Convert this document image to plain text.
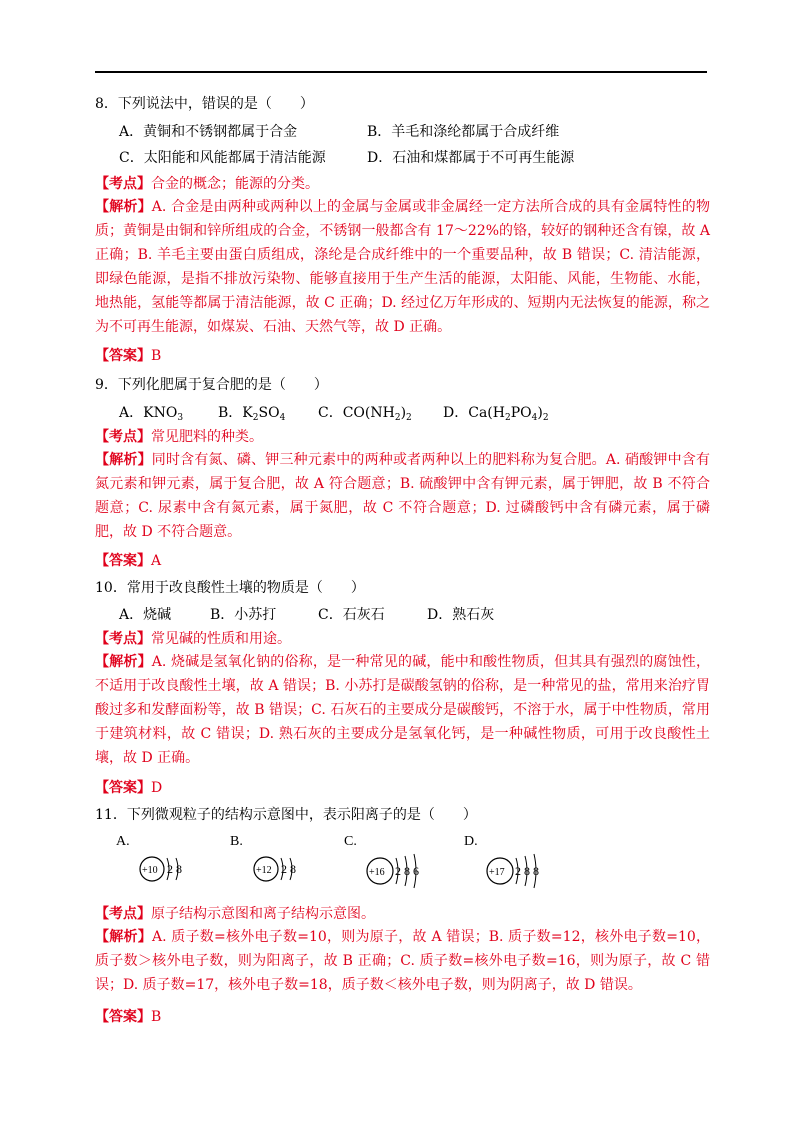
8．下列说法中，错误的是（　　）
A．黄铜和不锈钢都属于合金	B．羊毛和涤纶都属于合成纤维
C．太阳能和风能都属于清洁能源	D．石油和煤都属于不可再生能源
【考点】合金的概念；能源的分类。
【解析】A. 合金是由两种或两种以上的金属与金属或非金属经一定方法所合成的具有金属特性的物质；黄铜是由铜和锌所组成的合金，不锈钢一般都含有 17～22%的铬，较好的钢种还含有镍，故 A 正确；B. 羊毛主要由蛋白质组成，涤纶是合成纤维中的一个重要品种，故 B 错误；C. 清洁能源，即绿色能源，是指不排放污染物、能够直接用于生产生活的能源，太阳能、风能，生物能、水能，地热能，氢能等都属于清洁能源，故 C 正确；D. 经过亿万年形成的、短期内无法恢复的能源，称之为不可再生能源，如煤炭、石油、天然气等，故 D 正确。
【答案】B
9．下列化肥属于复合肥的是（　　）
A．$KNO_3$ B．$K_2SO_4$ C．$CO(NH_2)_2$ D．$Ca(H_2PO_4)_2$
【考点】常见肥料的种类。
【解析】同时含有氮、磷、钾三种元素中的两种或者两种以上的肥料称为复合肥。A. 硝酸钾中含有氮元素和钾元素，属于复合肥，故 A 符合题意；B. 硫酸钾中含有钾元素，属于钾肥，故 B 不符合题意；C. 尿素中含有氮元素，属于氮肥，故 C 不符合题意；D. 过磷酸钙中含有磷元素，属于磷肥，故 D 不符合题意。
【答案】A
10．常用于改良酸性土壤的物质是（　　）
A．烧碱	B．小苏打	C．石灰石	D．熟石灰
【考点】常见碱的性质和用途。
【解析】A. 烧碱是氢氧化钠的俗称，是一种常见的碱，能中和酸性物质，但其具有强烈的腐蚀性，不适用于改良酸性土壤，故 A 错误；B. 小苏打是碳酸氢钠的俗称，是一种常见的盐，常用来治疗胃酸过多和发酵面粉等，故 B 错误；C. 石灰石的主要成分是碳酸钙，不溶于水，属于中性物质，常用于建筑材料，故 C 错误；D. 熟石灰的主要成分是氢氧化钙，是一种碱性物质，可用于改良酸性土壤，故 D 正确。
【答案】D
11．下列微观粒子的结构示意图中，表示阳离子的是（　　）
A.
+10 2 8
B.
+12 2 8
C.
+16 2 8 6
D.
+17 2 8 8
【考点】原子结构示意图和离子结构示意图。
【解析】A. 质子数=核外电子数=10，则为原子，故 A 错误；B. 质子数=12，核外电子数=10，质子数＞核外电子数，则为阳离子，故 B 正确；C. 质子数=核外电子数=16，则为原子，故 C 错误；D. 质子数=17，核外电子数=18，质子数＜核外电子数，则为阴离子，故 D 错误。
【答案】B
